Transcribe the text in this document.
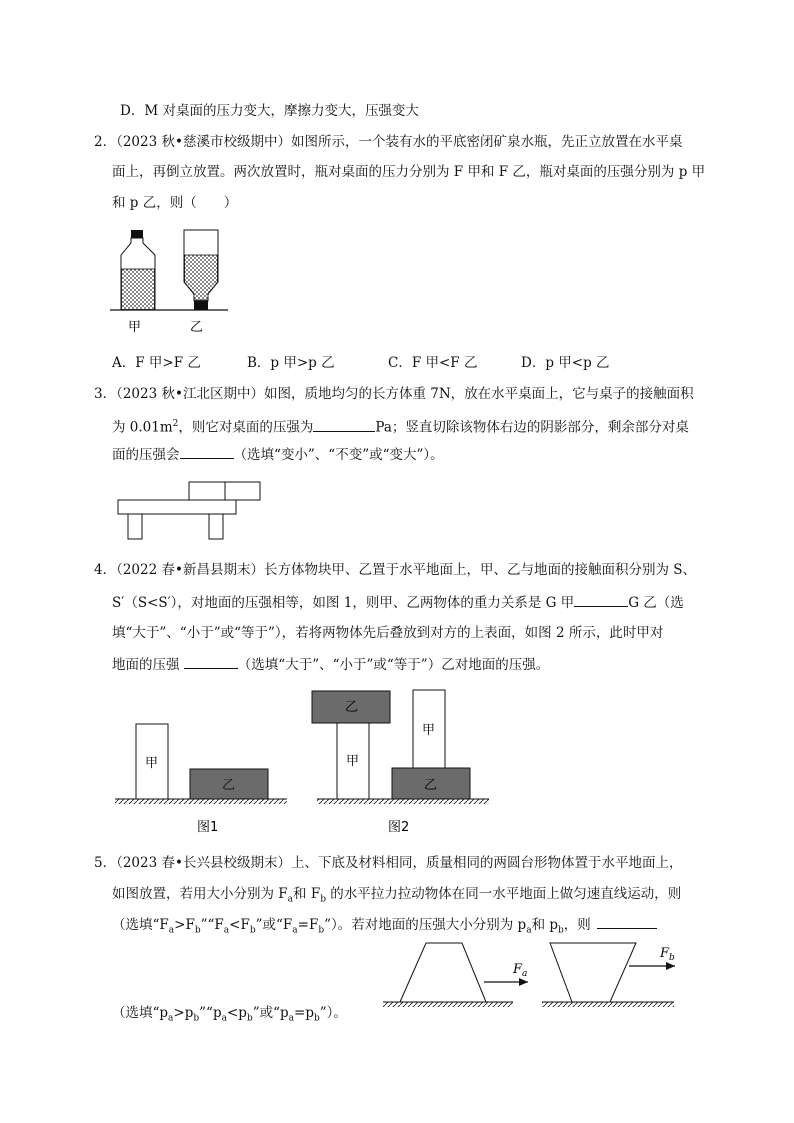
D．M 对桌面的压力变大，摩擦力变大，压强变大
2．（2023 秋•慈溪市校级期中）如图所示，一个装有水的平底密闭矿泉水瓶，先正立放置在水平桌
面上，再倒立放置。两次放置时，瓶对桌面的压力分别为 F 甲和 F 乙，瓶对桌面的压强分别为 p 甲
和 p 乙，则（　　）
甲	乙
A．F 甲>F 乙	B．p 甲>p 乙	C．F 甲<F 乙	D．p 甲<p 乙
3．（2023 秋•江北区期中）如图，质地均匀的长方体重 7N，放在水平桌面上，它与桌子的接触面积
为 $0.01m^2$，则它对桌面的压强为	Pa；竖直切除该物体右边的阴影部分，剩余部分对桌
面的压强会	（选填“变小”、“不变”或“变大”）。
4．（2022 春•新昌县期末）长方体物块甲、乙置于水平地面上，甲、乙与地面的接触面积分别为 S、
S′（S<S′），对地面的压强相等，如图 1，则甲、乙两物体的重力关系是 G 甲	G 乙（选
填“大于”、“小于”或“等于”），若将两物体先后叠放到对方的上表面，如图 2 所示，此时甲对
地面的压强	（选填“大于”、“小于”或“等于”）乙对地面的压强。
甲
乙
图1
乙
甲
甲
乙
图2
5．（2023 春•长兴县校级期末）上、下底及材料相同，质量相同的两圆台形物体置于水平地面上，
如图放置，若用大小分别为 $F_a$和 $F_b$ 的水平拉力拉动物体在同一水平地面上做匀速直线运动，则
（选填“$F_a>F_b”“F_a<F_b$”或“$F_a=F_b$”）。若对地面的压强大小分别为 $p_a$和 $p_b$，则
$F_a$
$F_b$
（选填“$p_a>p_b”“p_a<p_b$”或“$p_a=p_b$”）。
